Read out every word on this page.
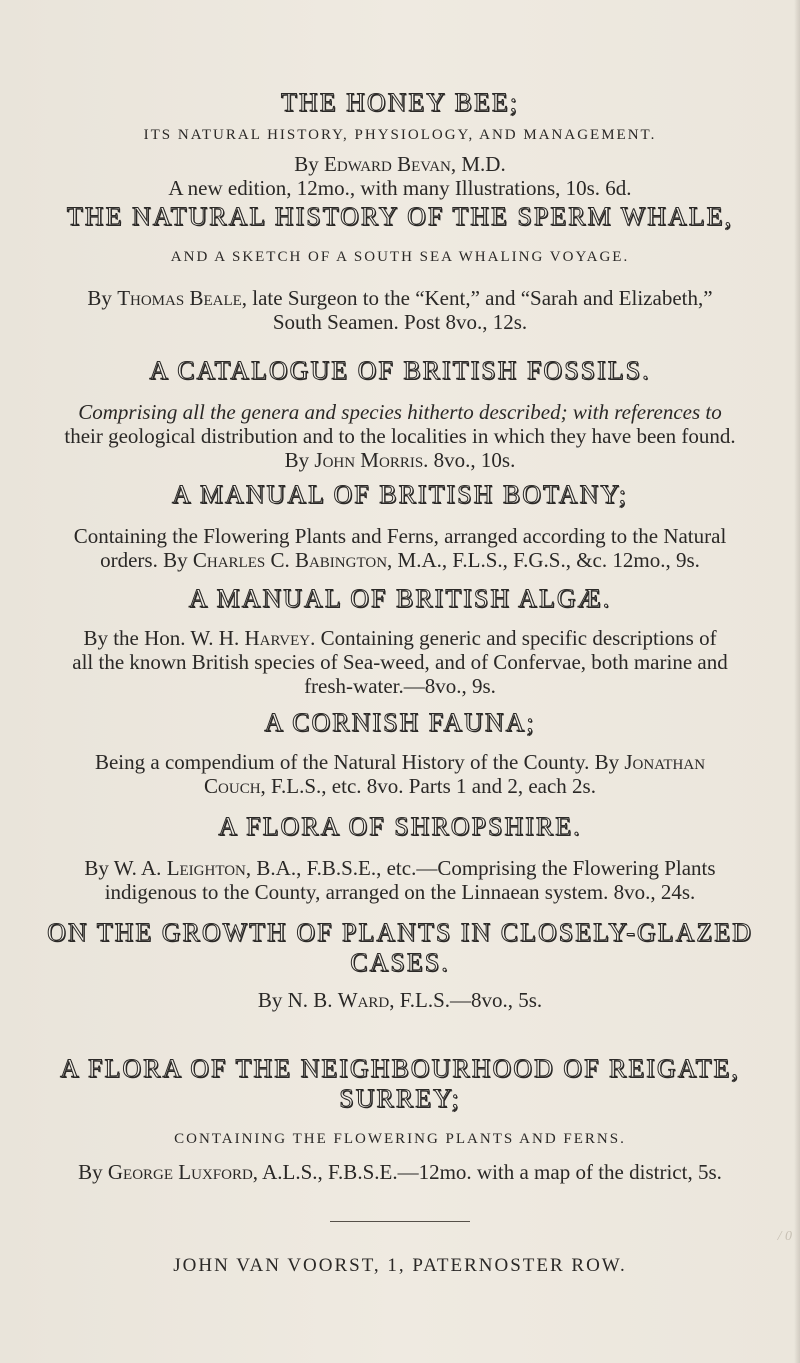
THE HONEY BEE;
ITS NATURAL HISTORY, PHYSIOLOGY, AND MANAGEMENT.
By Edward Bevan, M.D.
A new edition, 12mo., with many Illustrations, 10s. 6d.
THE NATURAL HISTORY OF THE SPERM WHALE,
AND A SKETCH OF A SOUTH SEA WHALING VOYAGE.
By Thomas Beale, late Surgeon to the “Kent,” and “Sarah and Elizabeth,”
South Seamen. Post 8vo., 12s.
A CATALOGUE OF BRITISH FOSSILS.
Comprising all the genera and species hitherto described; with references to
their geological distribution and to the localities in which they have been found.
By John Morris. 8vo., 10s.
A MANUAL OF BRITISH BOTANY;
Containing the Flowering Plants and Ferns, arranged according to the Natural
orders. By Charles C. Babington, M.A., F.L.S., F.G.S., &c. 12mo., 9s.
A MANUAL OF BRITISH ALGÆ.
By the Hon. W. H. Harvey. Containing generic and specific descriptions of
all the known British species of Sea-weed, and of Confervae, both marine and
fresh-water.—8vo., 9s.
A CORNISH FAUNA;
Being a compendium of the Natural History of the County. By Jonathan
Couch, F.L.S., etc. 8vo. Parts 1 and 2, each 2s.
A FLORA OF SHROPSHIRE.
By W. A. Leighton, B.A., F.B.S.E., etc.—Comprising the Flowering Plants
indigenous to the County, arranged on the Linnaean system. 8vo., 24s.
ON THE GROWTH OF PLANTS IN CLOSELY-GLAZED
CASES.
By N. B. Ward, F.L.S.—8vo., 5s.
A FLORA OF THE NEIGHBOURHOOD OF REIGATE,
SURREY;
CONTAINING THE FLOWERING PLANTS AND FERNS.
By George Luxford, A.L.S., F.B.S.E.—12mo. with a map of the district, 5s.
JOHN VAN VOORST, 1, PATERNOSTER ROW.
/ 0
